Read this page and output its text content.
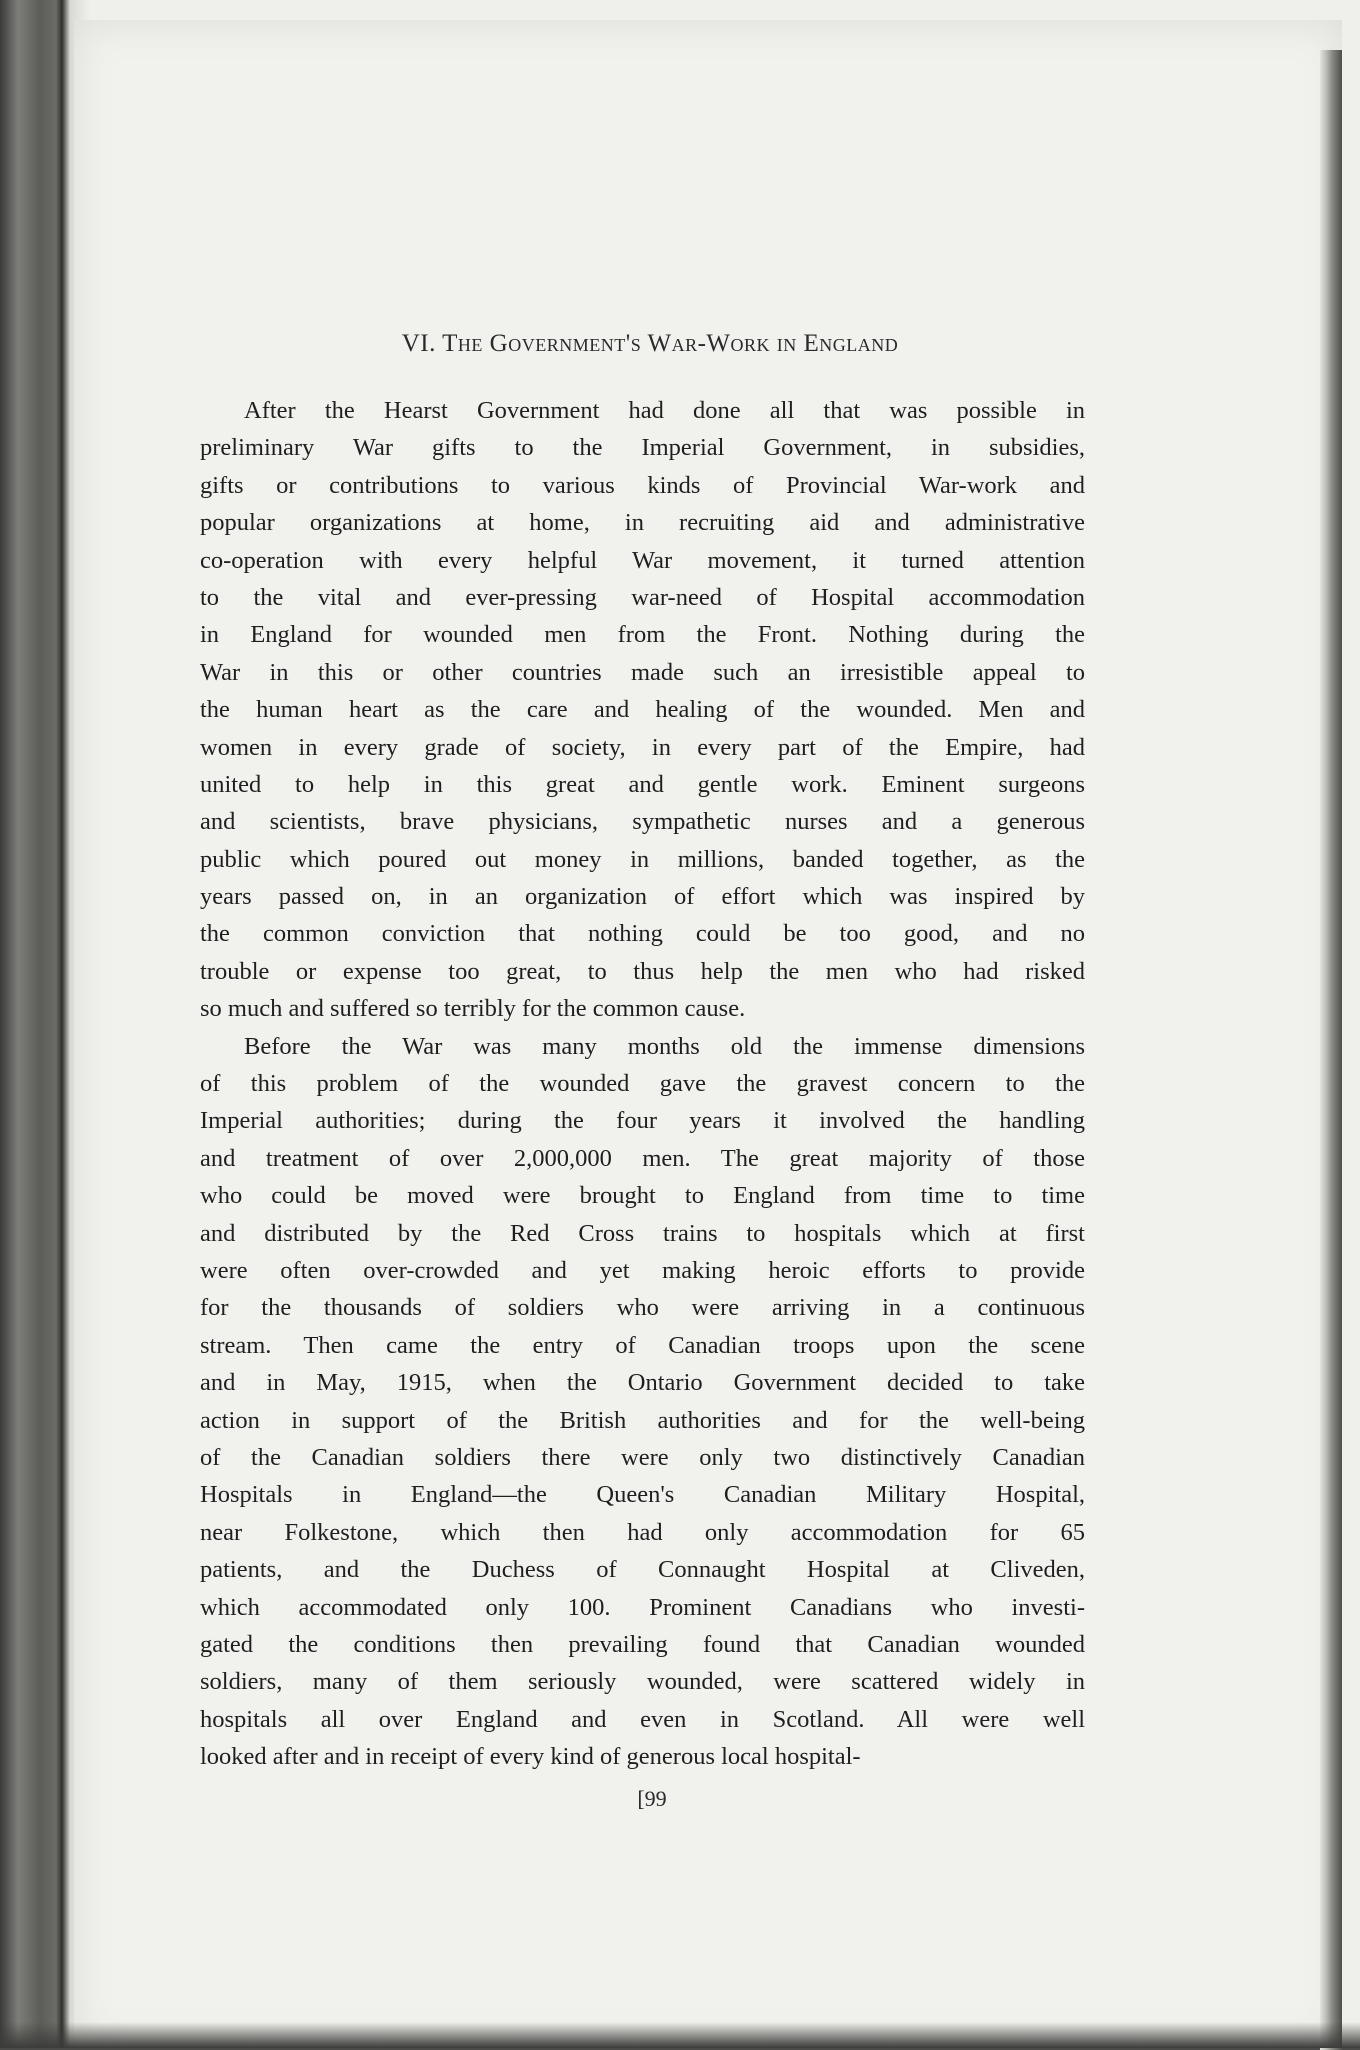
VI. The Government's War-Work in England
After the Hearst Government had done all that was possible in
preliminary War gifts to the Imperial Government, in subsidies,
gifts or contributions to various kinds of Provincial War-work and
popular organizations at home, in recruiting aid and administrative
co-operation with every helpful War movement, it turned attention
to the vital and ever-pressing war-need of Hospital accommodation
in England for wounded men from the Front. Nothing during the
War in this or other countries made such an irresistible appeal to
the human heart as the care and healing of the wounded. Men and
women in every grade of society, in every part of the Empire, had
united to help in this great and gentle work. Eminent surgeons
and scientists, brave physicians, sympathetic nurses and a generous
public which poured out money in millions, banded together, as the
years passed on, in an organization of effort which was inspired by
the common conviction that nothing could be too good, and no
trouble or expense too great, to thus help the men who had risked
so much and suffered so terribly for the common cause.
Before the War was many months old the immense dimensions
of this problem of the wounded gave the gravest concern to the
Imperial authorities; during the four years it involved the handling
and treatment of over 2,000,000 men. The great majority of those
who could be moved were brought to England from time to time
and distributed by the Red Cross trains to hospitals which at first
were often over-crowded and yet making heroic efforts to provide
for the thousands of soldiers who were arriving in a continuous
stream. Then came the entry of Canadian troops upon the scene
and in May, 1915, when the Ontario Government decided to take
action in support of the British authorities and for the well-being
of the Canadian soldiers there were only two distinctively Canadian
Hospitals in England—the Queen's Canadian Military Hospital,
near Folkestone, which then had only accommodation for 65
patients, and the Duchess of Connaught Hospital at Cliveden,
which accommodated only 100. Prominent Canadians who investi-
gated the conditions then prevailing found that Canadian wounded
soldiers, many of them seriously wounded, were scattered widely in
hospitals all over England and even in Scotland. All were well
looked after and in receipt of every kind of generous local hospital-
[99
